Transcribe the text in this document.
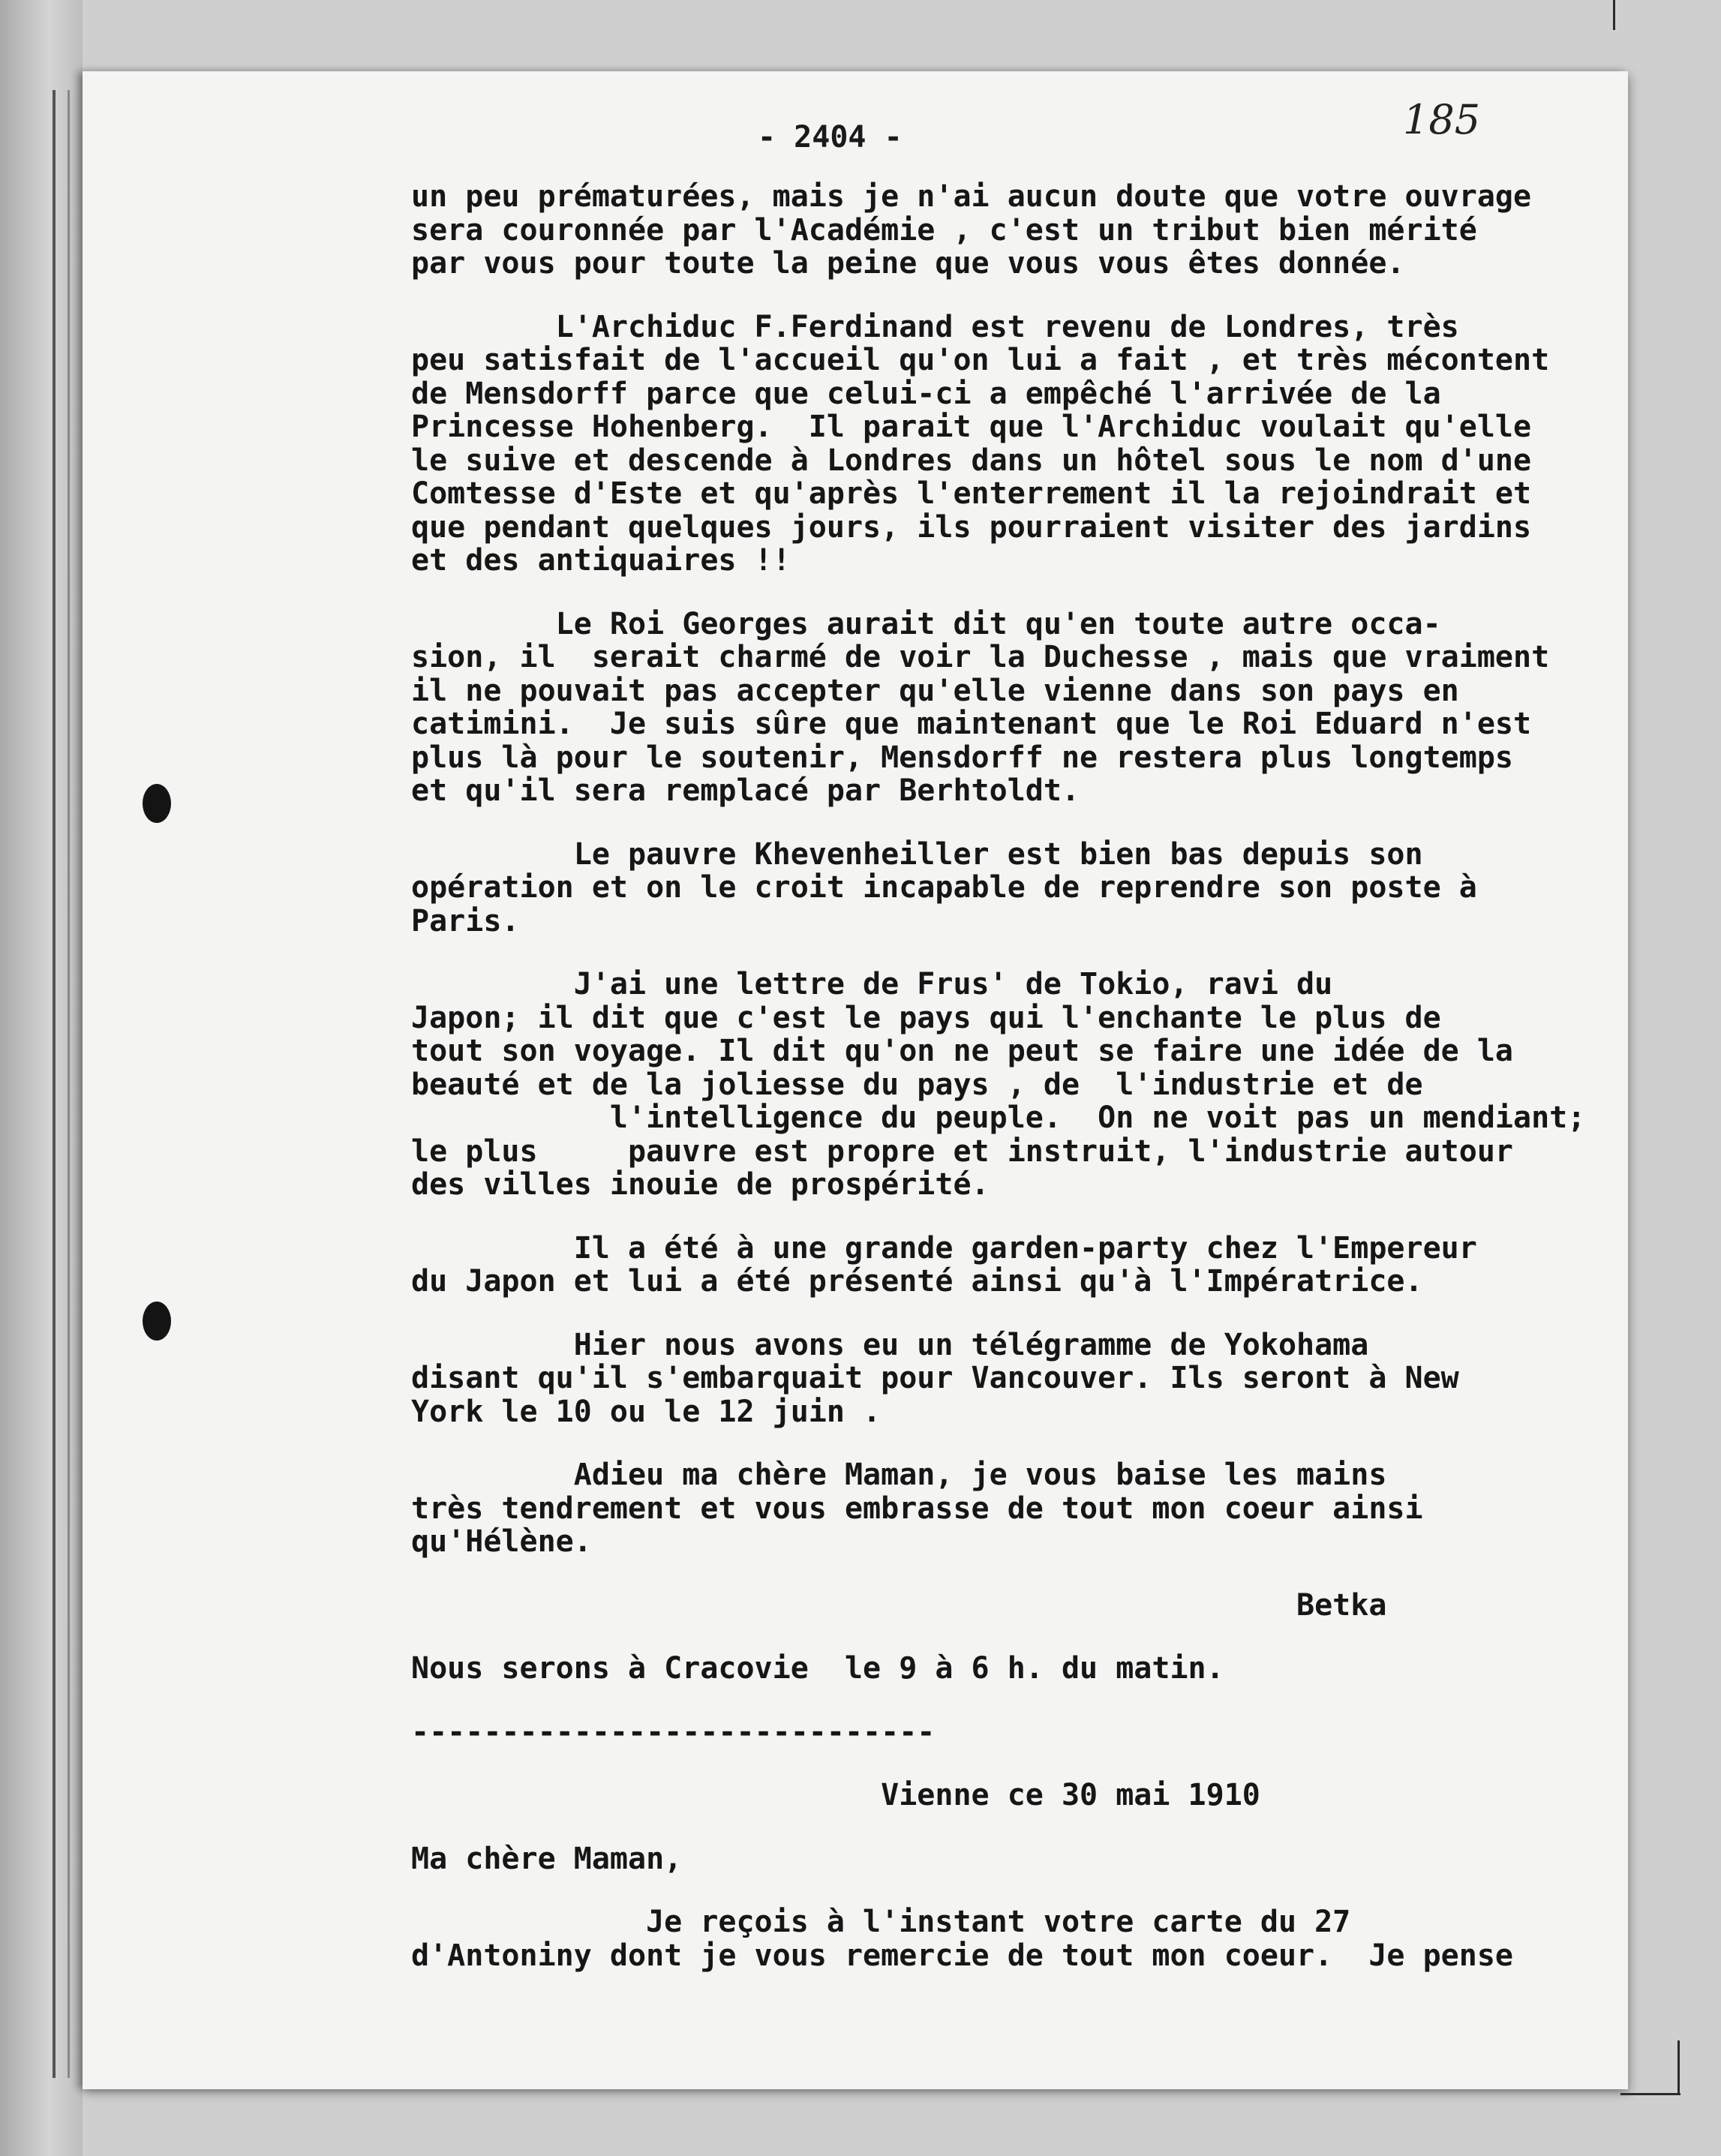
- 2404 -	185
un peu prématurées, mais je n'ai aucun doute que votre ouvrage
sera couronnée par l'Académie , c'est un tribut bien mérité
par vous pour toute la peine que vous vous êtes donnée.
L'Archiduc F.Ferdinand est revenu de Londres, très
peu satisfait de l'accueil qu'on lui a fait , et très mécontent
de Mensdorff parce que celui-ci a empêché l'arrivée de la
Princesse Hohenberg.  Il parait que l'Archiduc voulait qu'elle
le suive et descende à Londres dans un hôtel sous le nom d'une
Comtesse d'Este et qu'après l'enterrement il la rejoindrait et
que pendant quelques jours, ils pourraient visiter des jardins
et des antiquaires !!
Le Roi Georges aurait dit qu'en toute autre occa-
sion, il  serait charmé de voir la Duchesse , mais que vraiment
il ne pouvait pas accepter qu'elle vienne dans son pays en
catimini.  Je suis sûre que maintenant que le Roi Eduard n'est
plus là pour le soutenir, Mensdorff ne restera plus longtemps
et qu'il sera remplacé par Berhtoldt.
Le pauvre Khevenheiller est bien bas depuis son
opération et on le croit incapable de reprendre son poste à
Paris.
J'ai une lettre de Frus' de Tokio, ravi du
Japon; il dit que c'est le pays qui l'enchante le plus de
tout son voyage. Il dit qu'on ne peut se faire une idée de la
beauté et de la joliesse du pays , de  l'industrie et de
l'intelligence du peuple.  On ne voit pas un mendiant;
le plus     pauvre est propre et instruit, l'industrie autour
des villes inouie de prospérité.
Il a été à une grande garden-party chez l'Empereur
du Japon et lui a été présenté ainsi qu'à l'Impératrice.
Hier nous avons eu un télégramme de Yokohama
disant qu'il s'embarquait pour Vancouver. Ils seront à New
York le 10 ou le 12 juin .
Adieu ma chère Maman, je vous baise les mains
très tendrement et vous embrasse de tout mon coeur ainsi
qu'Hélène.
Betka
Nous serons à Cracovie  le 9 à 6 h. du matin.
-----------------------------
Vienne ce 30 mai 1910
Ma chère Maman,
Je reçois à l'instant votre carte du 27
d'Antoniny dont je vous remercie de tout mon coeur.  Je pense
